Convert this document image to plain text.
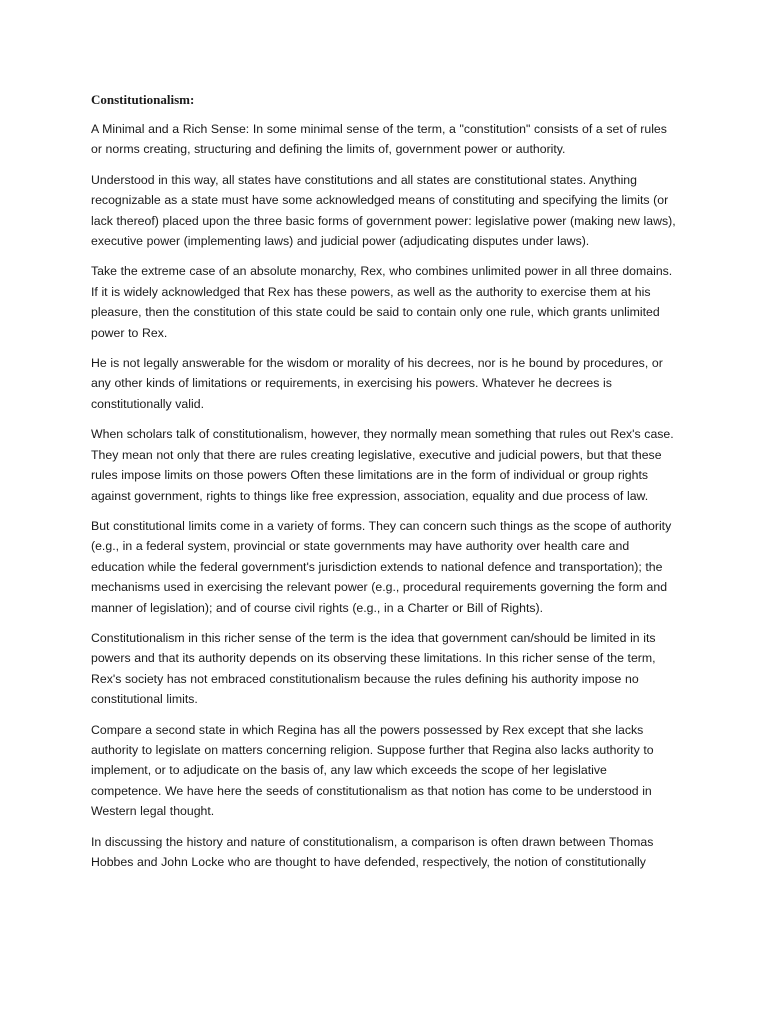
Constitutionalism:

A Minimal and a Rich Sense: In some minimal sense of the term, a "constitution" consists of a set of rules or norms creating, structuring and defining the limits of, government power or authority.

Understood in this way, all states have constitutions and all states are constitutional states. Anything recognizable as a state must have some acknowledged means of constituting and specifying the limits (or lack thereof) placed upon the three basic forms of government power: legislative power (making new laws), executive power (implementing laws) and judicial power (adjudicating disputes under laws).

Take the extreme case of an absolute monarchy, Rex, who combines unlimited power in all three domains. If it is widely acknowledged that Rex has these powers, as well as the authority to exercise them at his pleasure, then the constitution of this state could be said to contain only one rule, which grants unlimited power to Rex.

He is not legally answerable for the wisdom or morality of his decrees, nor is he bound by procedures, or any other kinds of limitations or requirements, in exercising his powers. Whatever he decrees is constitutionally valid.

When scholars talk of constitutionalism, however, they normally mean something that rules out Rex's case. They mean not only that there are rules creating legislative, executive and judicial powers, but that these rules impose limits on those powers Often these limitations are in the form of individual or group rights against government, rights to things like free expression, association, equality and due process of law.

But constitutional limits come in a variety of forms. They can concern such things as the scope of authority (e.g., in a federal system, provincial or state governments may have authority over health care and education while the federal government's jurisdiction extends to national defence and transportation); the mechanisms used in exercising the relevant power (e.g., procedural requirements governing the form and manner of legislation); and of course civil rights (e.g., in a Charter or Bill of Rights).

Constitutionalism in this richer sense of the term is the idea that government can/should be limited in its powers and that its authority depends on its observing these limitations. In this richer sense of the term, Rex's society has not embraced constitutionalism because the rules defining his authority impose no constitutional limits.

Compare a second state in which Regina has all the powers possessed by Rex except that she lacks authority to legislate on matters concerning religion. Suppose further that Regina also lacks authority to implement, or to adjudicate on the basis of, any law which exceeds the scope of her legislative competence. We have here the seeds of constitutionalism as that notion has come to be understood in Western legal thought.

In discussing the history and nature of constitutionalism, a comparison is often drawn between Thomas Hobbes and John Locke who are thought to have defended, respectively, the notion of constitutionally
